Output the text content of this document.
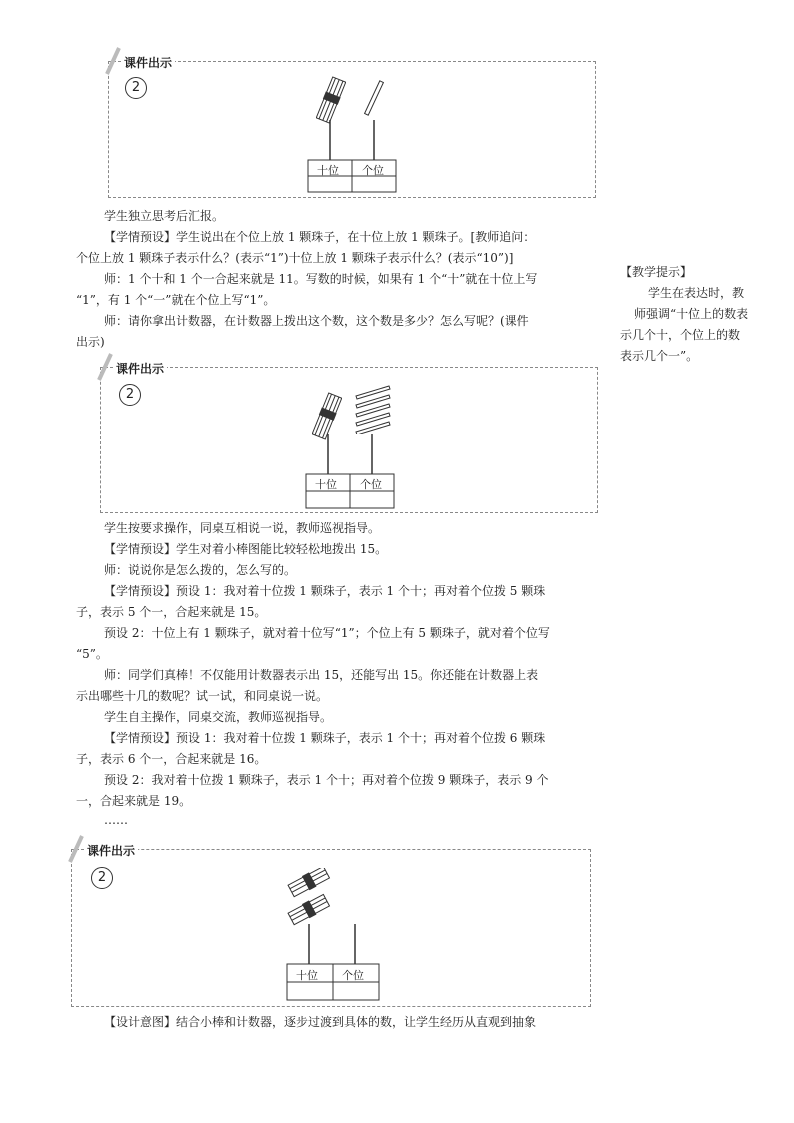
课件出示
2
十位 个位
学生独立思考后汇报。
【学情预设】学生说出在个位上放 1 颗珠子，在十位上放 1 颗珠子。[教师追问：
个位上放 1 颗珠子表示什么？(表示“1”)十位上放 1 颗珠子表示什么？(表示“10”)]
师：1 个十和 1 个一合起来就是 11。写数的时候，如果有 1 个“十”就在十位上写
“1”，有 1 个“一”就在个位上写“1”。
师：请你拿出计数器，在计数器上拨出这个数，这个数是多少？怎么写呢？(课件
出示)
【教学提示】
学生在表达时，教
师强调“十位上的数表
示几个十，个位上的数
表示几个一”。
课件出示
2
十位 个位
学生按要求操作，同桌互相说一说，教师巡视指导。
【学情预设】学生对着小棒图能比较轻松地拨出 15。
师：说说你是怎么拨的，怎么写的。
【学情预设】预设 1：我对着十位拨 1 颗珠子，表示 1 个十；再对着个位拨 5 颗珠
子，表示 5 个一，合起来就是 15。
预设 2：十位上有 1 颗珠子，就对着十位写“1”；个位上有 5 颗珠子，就对着个位写
“5”。
师：同学们真棒！不仅能用计数器表示出 15，还能写出 15。你还能在计数器上表
示出哪些十几的数呢？试一试，和同桌说一说。
学生自主操作，同桌交流，教师巡视指导。
【学情预设】预设 1：我对着十位拨 1 颗珠子，表示 1 个十；再对着个位拨 6 颗珠
子，表示 6 个一，合起来就是 16。
预设 2：我对着十位拨 1 颗珠子，表示 1 个十；再对着个位拨 9 颗珠子，表示 9 个
一，合起来就是 19。
……
课件出示
2
十位 个位
【设计意图】结合小棒和计数器，逐步过渡到具体的数，让学生经历从直观到抽象
